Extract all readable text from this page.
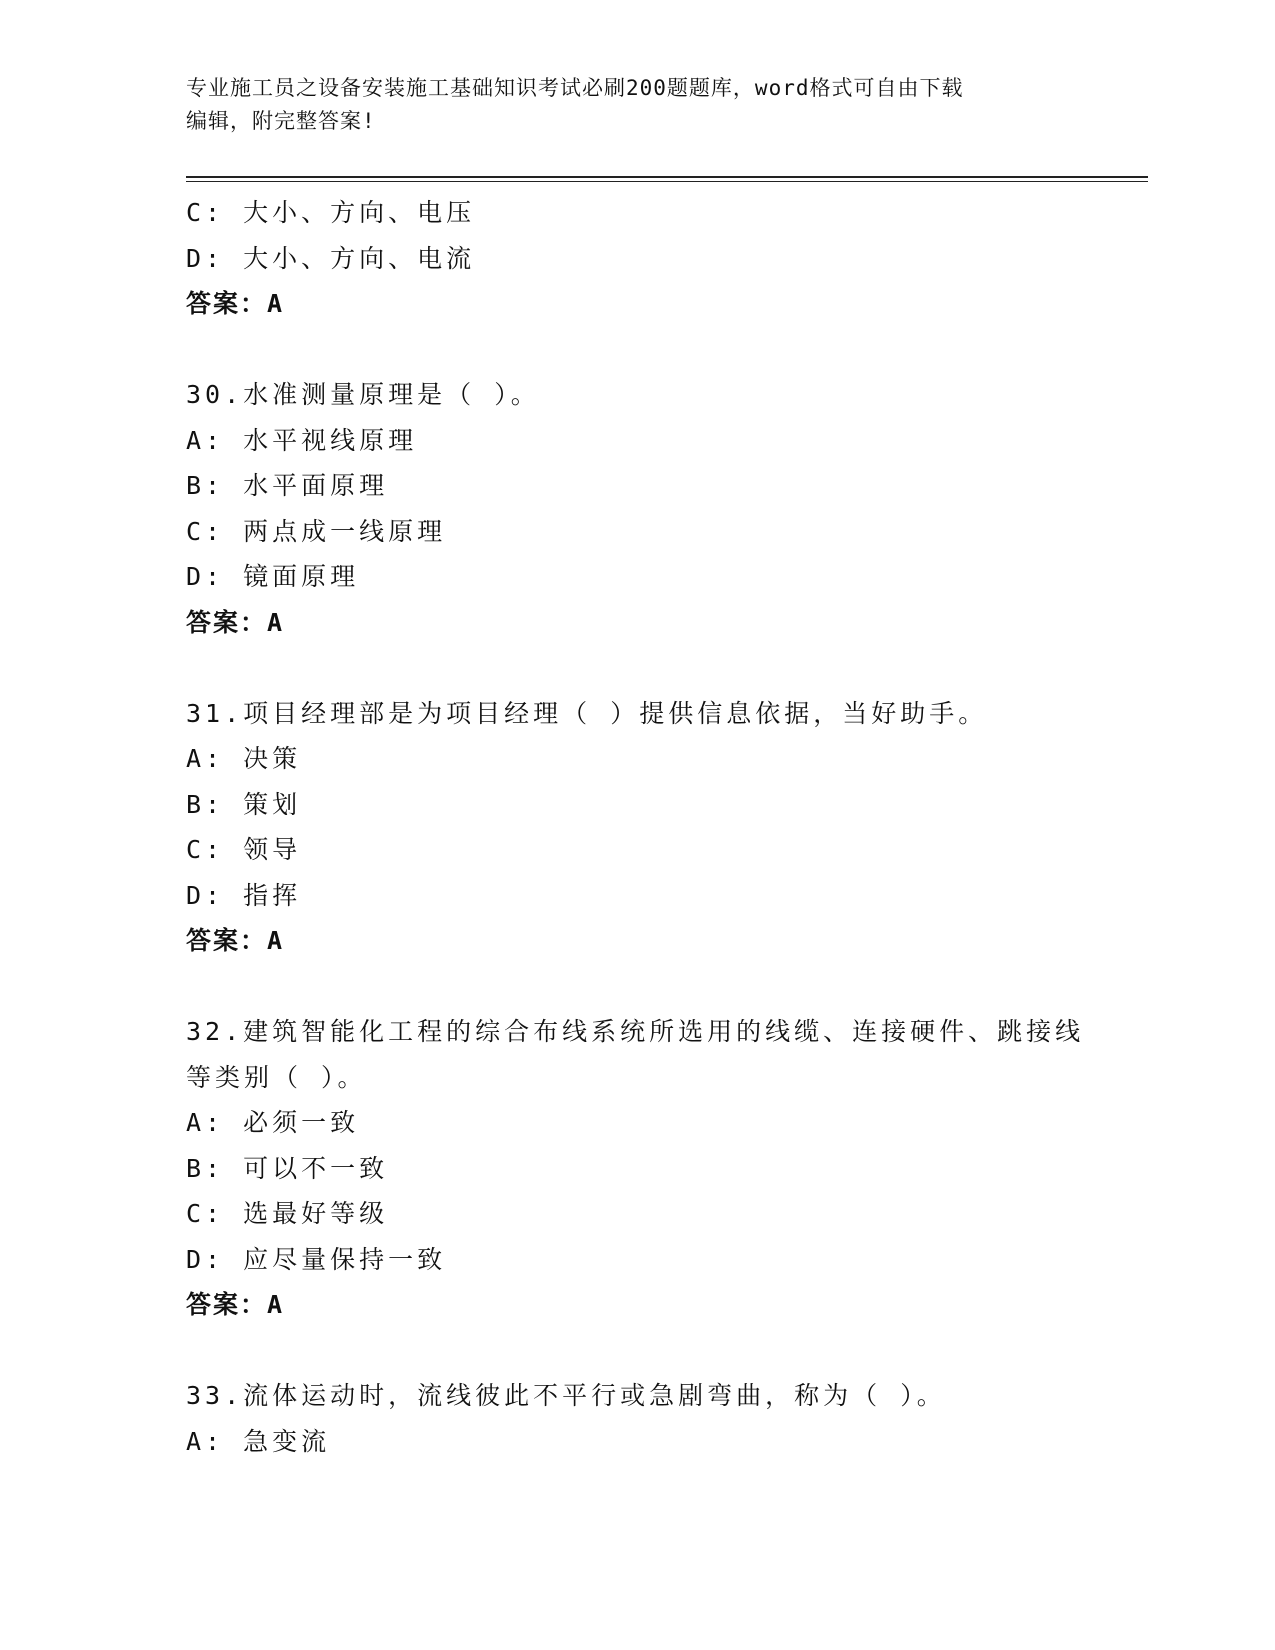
专业施工员之设备安装施工基础知识考试必刷200题题库，word格式可自由下载
编辑，附完整答案!
C: 大小、方向、电压
D: 大小、方向、电流
答案：A
30.水准测量原理是（ ）。
A: 水平视线原理
B: 水平面原理
C: 两点成一线原理
D: 镜面原理
答案：A
31.项目经理部是为项目经理（ ）提供信息依据，当好助手。
A: 决策
B: 策划
C: 领导
D: 指挥
答案：A
32.建筑智能化工程的综合布线系统所选用的线缆、连接硬件、跳接线
等类别（ ）。
A: 必须一致
B: 可以不一致
C: 选最好等级
D: 应尽量保持一致
答案：A
33.流体运动时，流线彼此不平行或急剧弯曲，称为（ ）。
A: 急变流
